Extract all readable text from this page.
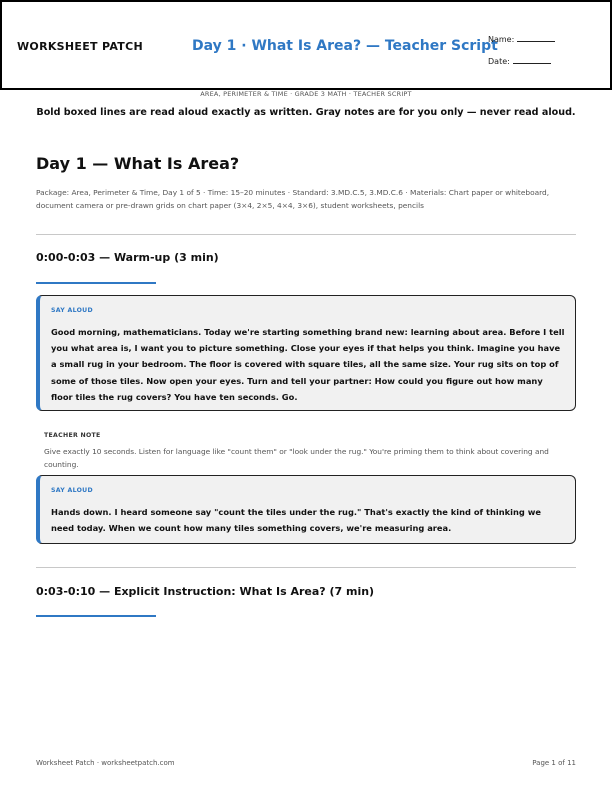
WORKSHEET PATCH	Day 1 · What Is Area? — Teacher Script
Name:
Date:
AREA, PERIMETER & TIME · GRADE 3 MATH · TEACHER SCRIPT
Bold boxed lines are read aloud exactly as written. Gray notes are for you only — never read aloud.
Day 1 — What Is Area?
Package: Area, Perimeter & Time, Day 1 of 5 · Time: 15–20 minutes · Standard: 3.MD.C.5, 3.MD.C.6 · Materials: Chart paper or whiteboard, document camera or pre-drawn grids on chart paper (3×4, 2×5, 4×4, 3×6), student worksheets, pencils
0:00-0:03 — Warm-up (3 min)
SAY ALOUD
Good morning, mathematicians. Today we're starting something brand new: learning about area. Before I tell you what area is, I want you to picture something. Close your eyes if that helps you think. Imagine you have a small rug in your bedroom. The floor is covered with square tiles, all the same size. Your rug sits on top of some of those tiles. Now open your eyes. Turn and tell your partner: How could you figure out how many floor tiles the rug covers? You have ten seconds. Go.
TEACHER NOTE
Give exactly 10 seconds. Listen for language like "count them" or "look under the rug." You're priming them to think about covering and counting.
SAY ALOUD
Hands down. I heard someone say "count the tiles under the rug." That's exactly the kind of thinking we need today. When we count how many tiles something covers, we're measuring area.
0:03-0:10 — Explicit Instruction: What Is Area? (7 min)
Worksheet Patch · worksheetpatch.com	Page 1 of 11
